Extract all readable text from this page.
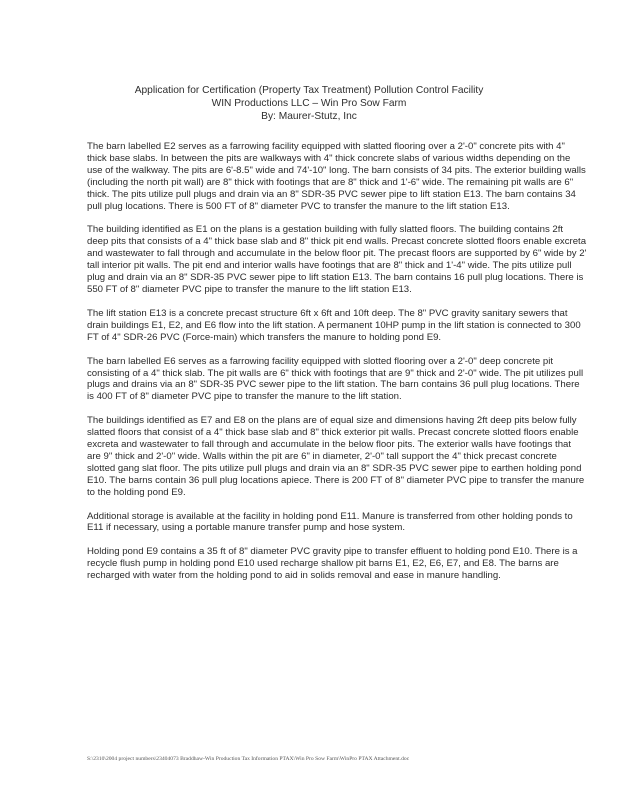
Application for Certification (Property Tax Treatment) Pollution Control Facility
WIN Productions LLC – Win Pro Sow Farm
By: Maurer-Stutz, Inc

The barn labelled E2 serves as a farrowing facility equipped with slatted flooring over a 2'-0" concrete pits with 4" thick base slabs. In between the pits are walkways with 4" thick concrete slabs of various widths depending on the use of the walkway. The pits are 6'-8.5" wide and 74'-10" long. The barn consists of 34 pits. The exterior building walls (including the north pit wall) are 8" thick with footings that are 8" thick and 1'-6" wide. The remaining pit walls are 6" thick. The pits utilize pull plugs and drain via an 8" SDR-35 PVC sewer pipe to lift station E13. The barn contains 34 pull plug locations. There is 500 FT of 8" diameter PVC to transfer the manure to the lift station E13.

The building identified as E1 on the plans is a gestation building with fully slatted floors. The building contains 2ft deep pits that consists of a 4" thick base slab and 8" thick pit end walls. Precast concrete slotted floors enable excreta and wastewater to fall through and accumulate in the below floor pit. The precast floors are supported by 6" wide by 2' tall interior pit walls. The pit end and interior walls have footings that are 8" thick and 1'-4" wide. The pits utilize pull plug and drain via an 8" SDR-35 PVC sewer pipe to lift station E13. The barn contains 16 pull plug locations. There is 550 FT of 8" diameter PVC pipe to transfer the manure to the lift station E13.

The lift station E13 is a concrete precast structure 6ft x 6ft and 10ft deep. The 8" PVC gravity sanitary sewers that drain buildings E1, E2, and E6 flow into the lift station. A permanent 10HP pump in the lift station is connected to 300 FT of 4" SDR-26 PVC (Force-main) which transfers the manure to holding pond E9.

The barn labelled E6 serves as a farrowing facility equipped with slotted flooring over a 2'-0" deep concrete pit consisting of a 4" thick slab. The pit walls are 6" thick with footings that are 9" thick and 2'-0" wide. The pit utilizes pull plugs and drains via an 8" SDR-35 PVC sewer pipe to the lift station. The barn contains 36 pull plug locations. There is 400 FT of 8" diameter PVC pipe to transfer the manure to the lift station.

The buildings identified as E7 and E8 on the plans are of equal size and dimensions having 2ft deep pits below fully slatted floors that consist of a 4" thick base slab and 8" thick exterior pit walls. Precast concrete slotted floors enable excreta and wastewater to fall through and accumulate in the below floor pits. The exterior walls have footings that are 9" thick and 2'-0" wide. Walls within the pit are 6" in diameter, 2'-0" tall support the 4" thick precast concrete slotted gang slat floor. The pits utilize pull plugs and drain via an 8" SDR-35 PVC sewer pipe to earthen holding pond E10. The barns contain 36 pull plug locations apiece. There is 200 FT of 8" diameter PVC pipe to transfer the manure to the holding pond E9.

Additional storage is available at the facility in holding pond E11. Manure is transferred from other holding ponds to E11 if necessary, using a portable manure transfer pump and hose system.

Holding pond E9 contains a 35 ft of 8" diameter PVC gravity pipe to transfer effluent to holding pond E10. There is a recycle flush pump in holding pond E10 used recharge shallow pit barns E1, E2, E6, E7, and E8. The barns are recharged with water from the holding pond to aid in solids removal and ease in manure handling.

S:\2310\2004 project numbers\23404073 Braddhaw-Win Production Tax Information PTAX\Win Pro Sow Farm\WinPro PTAX Attachment.doc
